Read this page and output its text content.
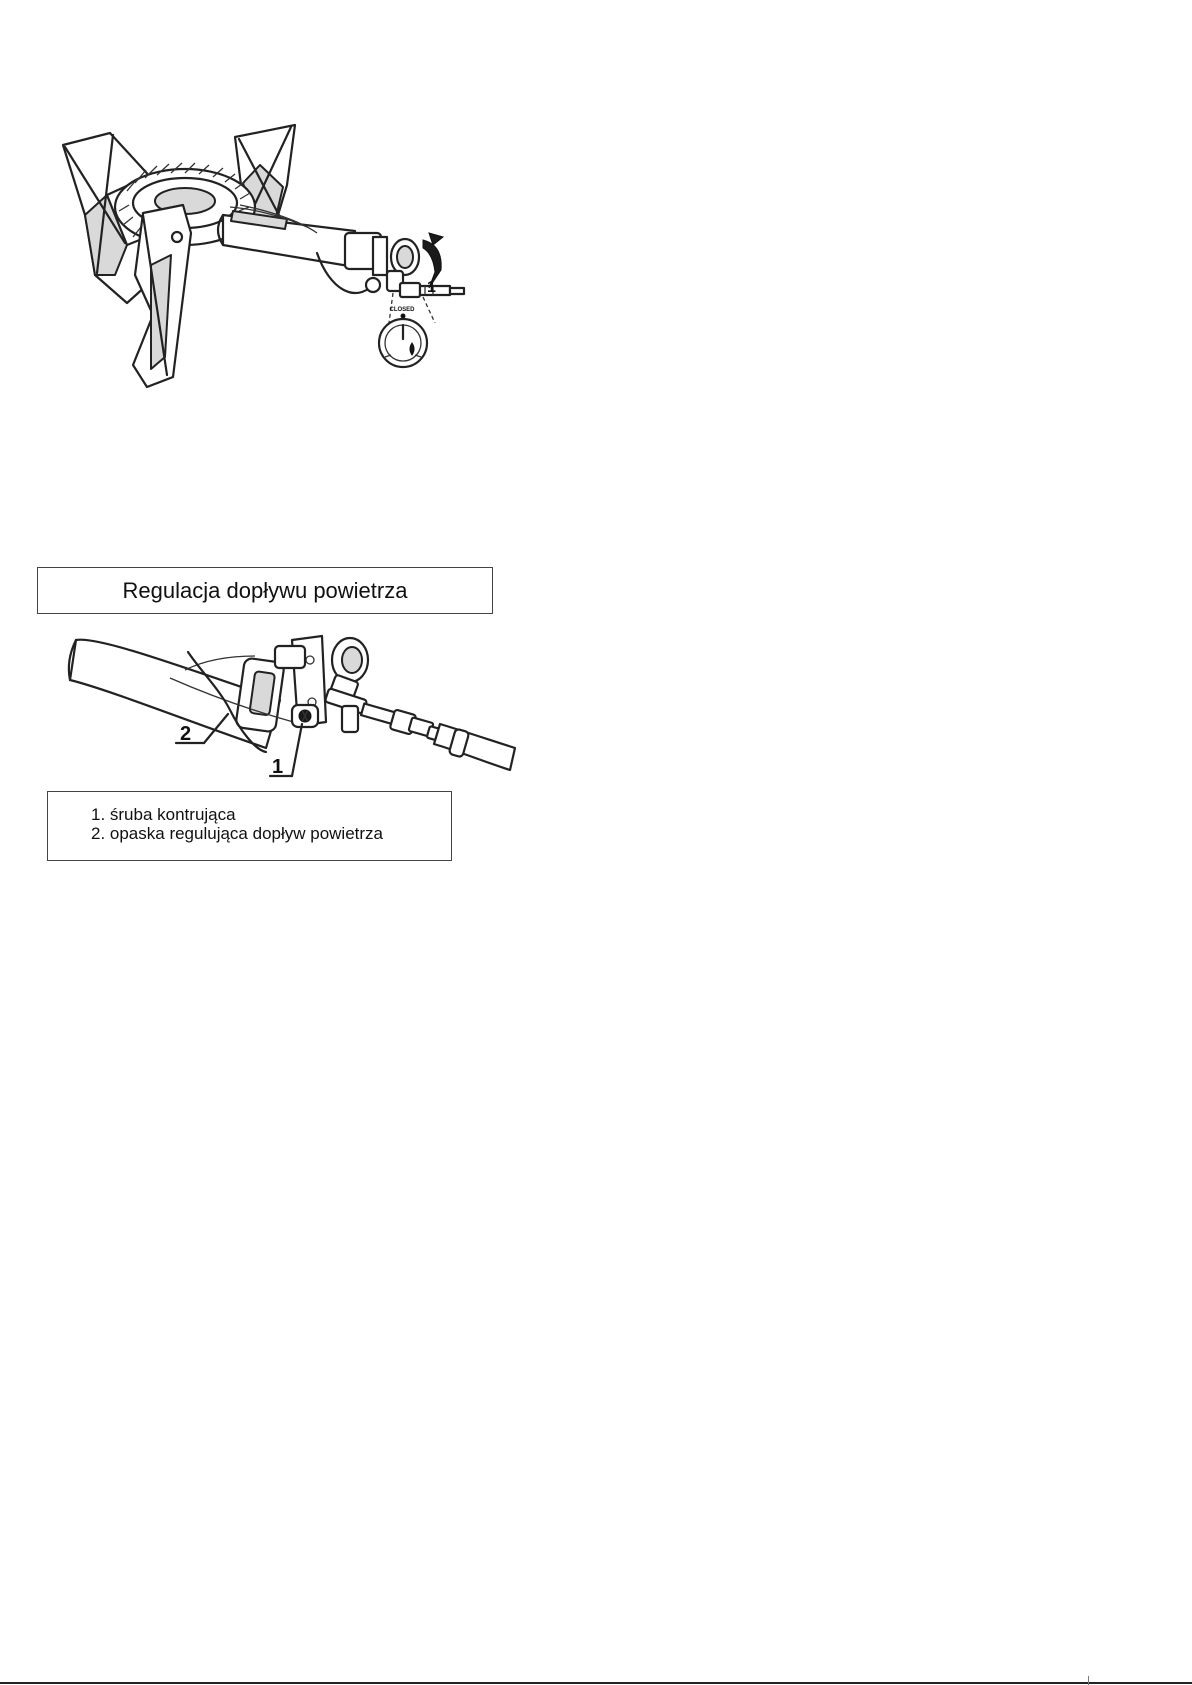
1
CLOSED
Regulacja dopływu powietrza
2
1
1. śruba kontrująca
2. opaska regulująca dopływ powietrza
